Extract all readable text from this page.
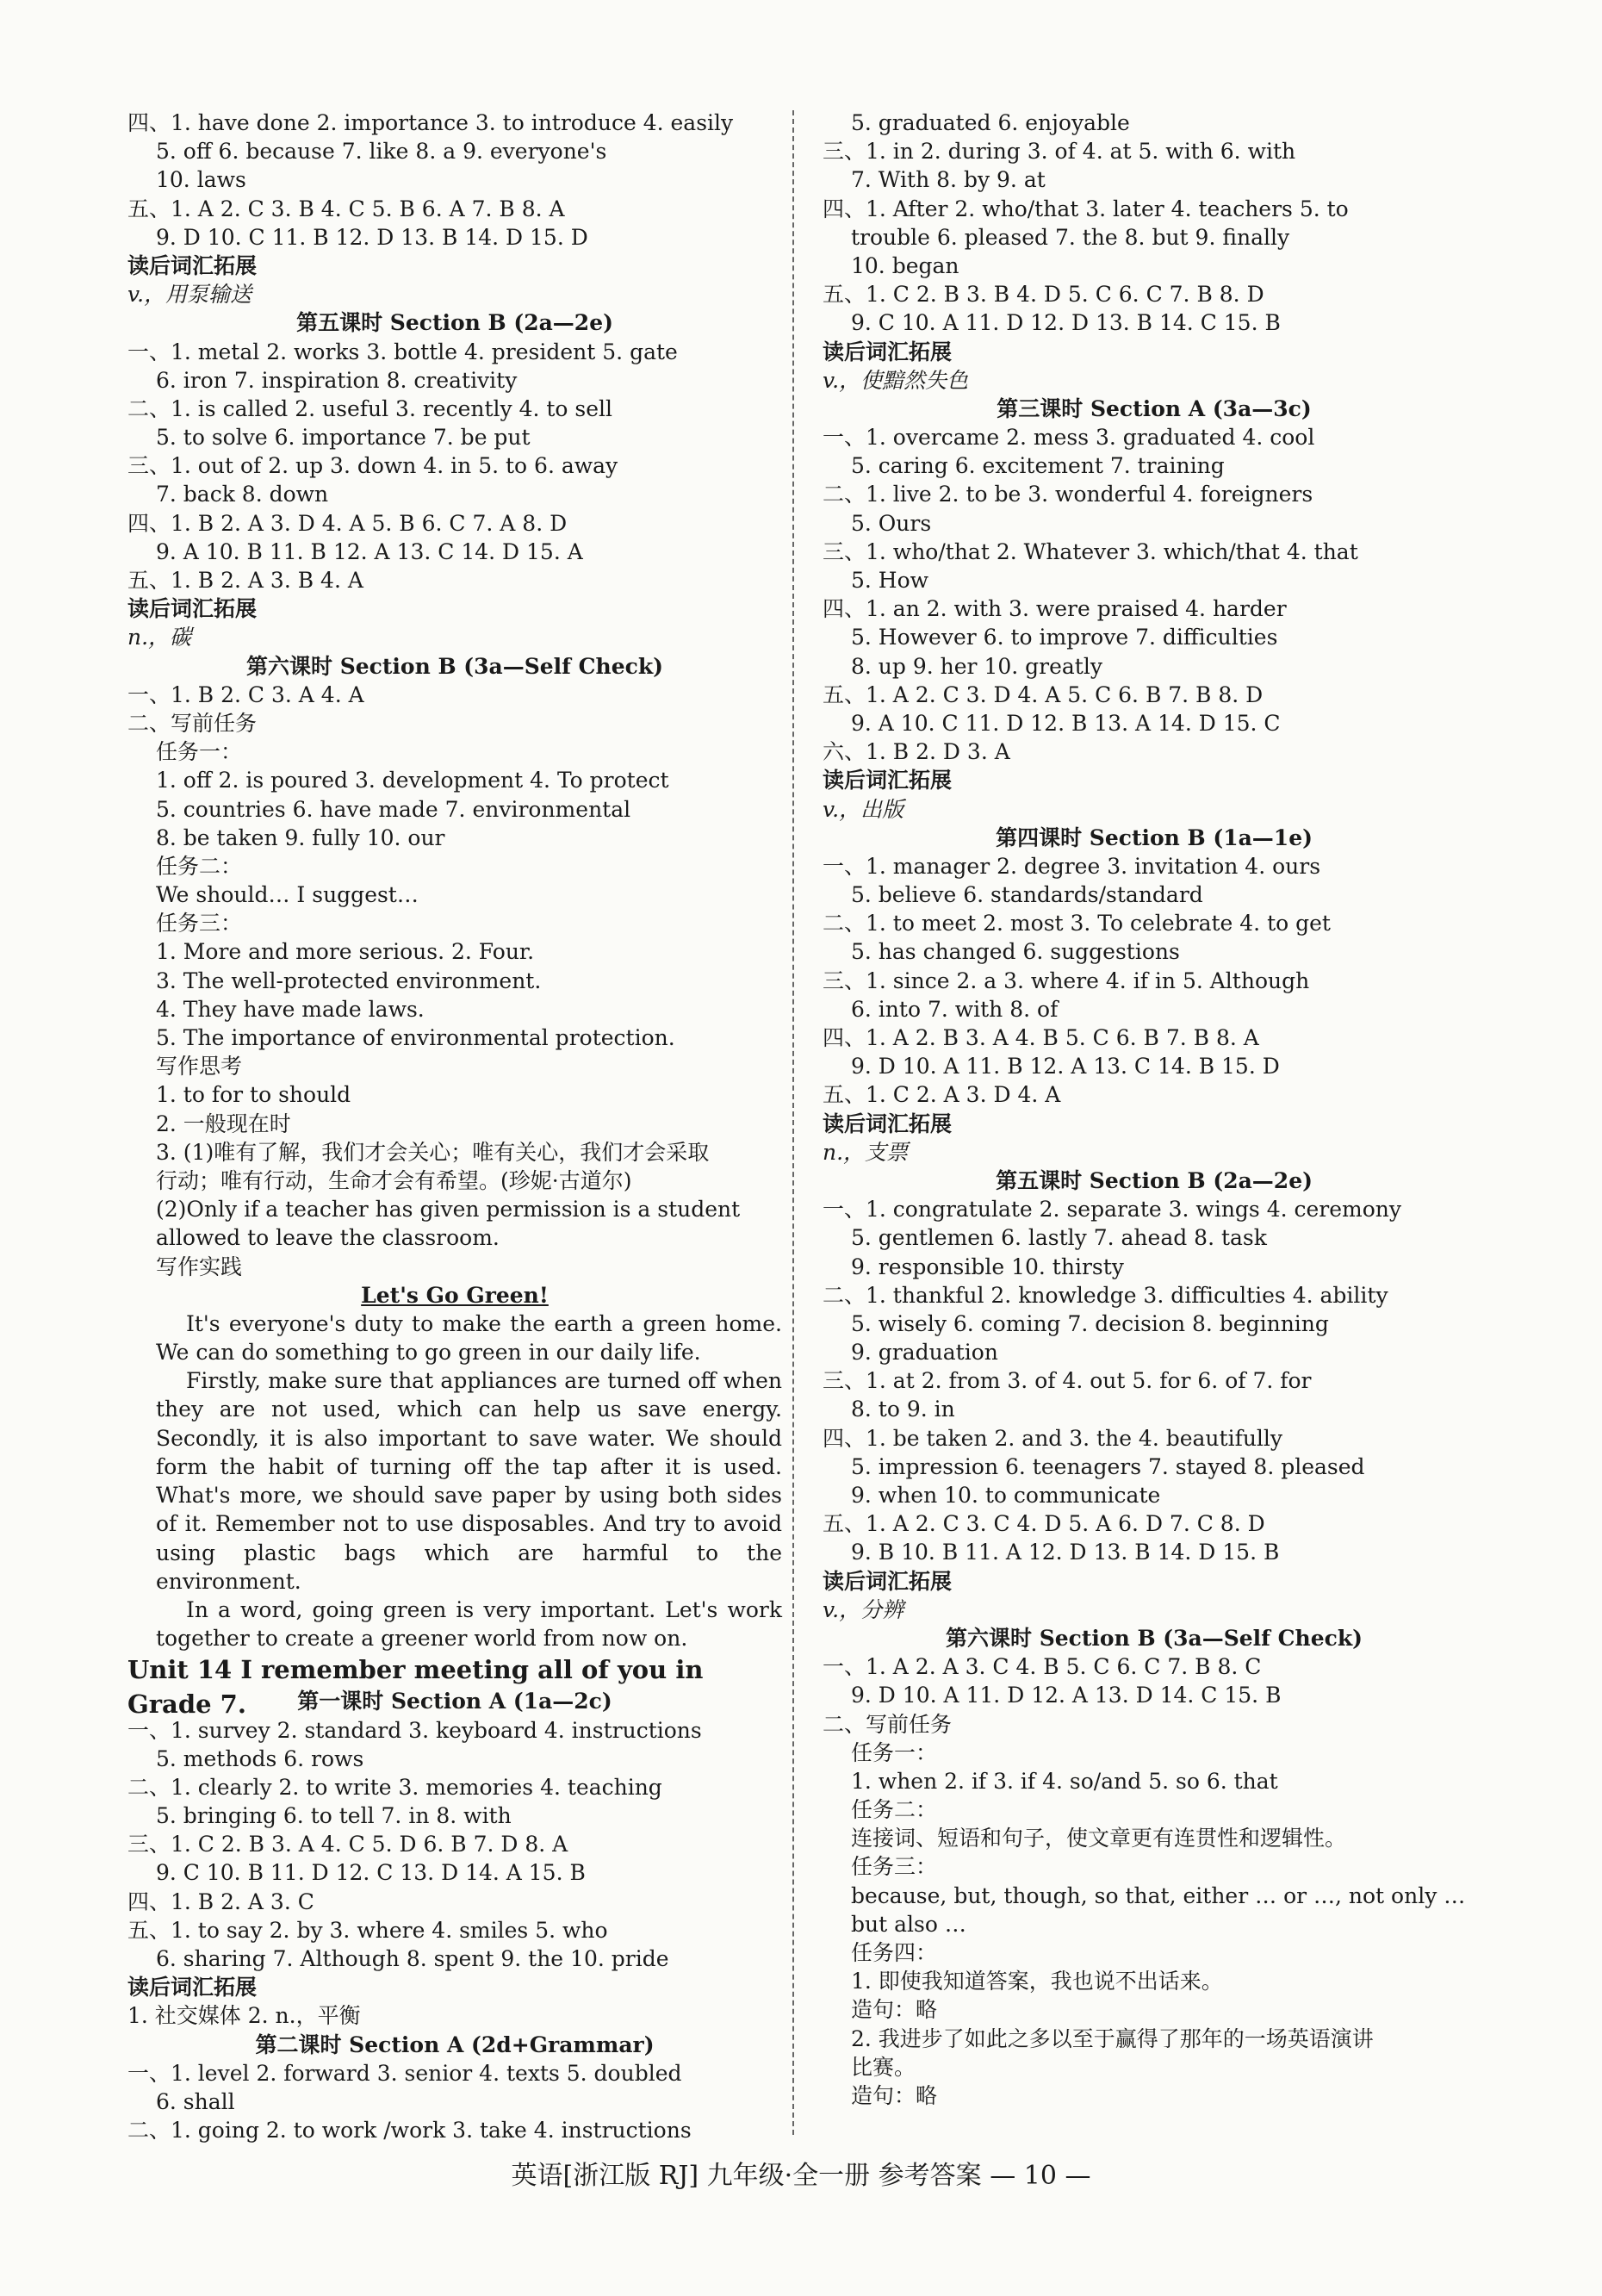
四、1. have done 2. importance 3. to introduce 4. easily
5. off 6. because 7. like 8. a 9. everyone's
10. laws
五、1. A 2. C 3. B 4. C 5. B 6. A 7. B 8. A
9. D 10. C 11. B 12. D 13. B 14. D 15. D
读后词汇拓展
v.，用泵输送
第五课时 Section B (2a—2e)
一、1. metal 2. works 3. bottle 4. president 5. gate
6. iron 7. inspiration 8. creativity
二、1. is called 2. useful 3. recently 4. to sell
5. to solve 6. importance 7. be put
三、1. out of 2. up 3. down 4. in 5. to 6. away
7. back 8. down
四、1. B 2. A 3. D 4. A 5. B 6. C 7. A 8. D
9. A 10. B 11. B 12. A 13. C 14. D 15. A
五、1. B 2. A 3. B 4. A
读后词汇拓展
n.，碳
第六课时 Section B (3a—Self Check)
一、1. B 2. C 3. A 4. A
二、写前任务
任务一：
1. off 2. is poured 3. development 4. To protect
5. countries 6. have made 7. environmental
8. be taken 9. fully 10. our
任务二：
We should… I suggest…
任务三：
1. More and more serious. 2. Four.
3. The well-protected environment.
4. They have made laws.
5. The importance of environmental protection.
写作思考
1. to for to should
2. 一般现在时
3. (1)唯有了解，我们才会关心；唯有关心，我们才会采取
行动；唯有行动，生命才会有希望。(珍妮·古道尔)
(2)Only if a teacher has given permission is a student
allowed to leave the classroom.
写作实践
Let's Go Green!

It's everyone's duty to make the earth a green home. We can do something to go green in our daily life.

Firstly, make sure that appliances are turned off when they are not used, which can help us save energy. Secondly, it is also important to save water. We should form the habit of turning off the tap after it is used. What's more, we should save paper by using both sides of it. Remember not to use disposables. And try to avoid using plastic bags which are harmful to the environment.

In a word, going green is very important. Let's work together to create a greener world from now on.

Unit 14 I remember meeting all of you in Grade 7.	第一课时 Section A (1a—2c)
一、1. survey 2. standard 3. keyboard 4. instructions
5. methods 6. rows
二、1. clearly 2. to write 3. memories 4. teaching
5. bringing 6. to tell 7. in 8. with
三、1. C 2. B 3. A 4. C 5. D 6. B 7. D 8. A
9. C 10. B 11. D 12. C 13. D 14. A 15. B
四、1. B 2. A 3. C
五、1. to say 2. by 3. where 4. smiles 5. who
6. sharing 7. Although 8. spent 9. the 10. pride
读后词汇拓展
1. 社交媒体 2. n.，平衡
第二课时 Section A (2d+Grammar)
一、1. level 2. forward 3. senior 4. texts 5. doubled
6. shall
二、1. going 2. to work /work 3. take 4. instructions
5. graduated 6. enjoyable
三、1. in 2. during 3. of 4. at 5. with 6. with
7. With 8. by 9. at
四、1. After 2. who/that 3. later 4. teachers 5. to
trouble 6. pleased 7. the 8. but 9. finally
10. began
五、1. C 2. B 3. B 4. D 5. C 6. C 7. B 8. D
9. C 10. A 11. D 12. D 13. B 14. C 15. B
读后词汇拓展
v.，使黯然失色
第三课时 Section A (3a—3c)
一、1. overcame 2. mess 3. graduated 4. cool
5. caring 6. excitement 7. training
二、1. live 2. to be 3. wonderful 4. foreigners
5. Ours
三、1. who/that 2. Whatever 3. which/that 4. that
5. How
四、1. an 2. with 3. were praised 4. harder
5. However 6. to improve 7. difficulties
8. up 9. her 10. greatly
五、1. A 2. C 3. D 4. A 5. C 6. B 7. B 8. D
9. A 10. C 11. D 12. B 13. A 14. D 15. C
六、1. B 2. D 3. A
读后词汇拓展
v.，出版
第四课时 Section B (1a—1e)
一、1. manager 2. degree 3. invitation 4. ours
5. believe 6. standards/standard
二、1. to meet 2. most 3. To celebrate 4. to get
5. has changed 6. suggestions
三、1. since 2. a 3. where 4. if in 5. Although
6. into 7. with 8. of
四、1. A 2. B 3. A 4. B 5. C 6. B 7. B 8. A
9. D 10. A 11. B 12. A 13. C 14. B 15. D
五、1. C 2. A 3. D 4. A
读后词汇拓展
n.，支票
第五课时 Section B (2a—2e)
一、1. congratulate 2. separate 3. wings 4. ceremony
5. gentlemen 6. lastly 7. ahead 8. task
9. responsible 10. thirsty
二、1. thankful 2. knowledge 3. difficulties 4. ability
5. wisely 6. coming 7. decision 8. beginning
9. graduation
三、1. at 2. from 3. of 4. out 5. for 6. of 7. for
8. to 9. in
四、1. be taken 2. and 3. the 4. beautifully
5. impression 6. teenagers 7. stayed 8. pleased
9. when 10. to communicate
五、1. A 2. C 3. C 4. D 5. A 6. D 7. C 8. D
9. B 10. B 11. A 12. D 13. B 14. D 15. B
读后词汇拓展
v.，分辨
第六课时 Section B (3a—Self Check)
一、1. A 2. A 3. C 4. B 5. C 6. C 7. B 8. C
9. D 10. A 11. D 12. A 13. D 14. C 15. B
二、写前任务
任务一：
1. when 2. if 3. if 4. so/and 5. so 6. that
任务二：
连接词、短语和句子，使文章更有连贯性和逻辑性。
任务三：
because, but, though, so that, either … or …, not only …
but also …
任务四：
1. 即使我知道答案，我也说不出话来。
造句：略
2. 我进步了如此之多以至于赢得了那年的一场英语演讲
比赛。
造句：略
英语[浙江版 RJ] 九年级·全一册 参考答案 — 10 —
